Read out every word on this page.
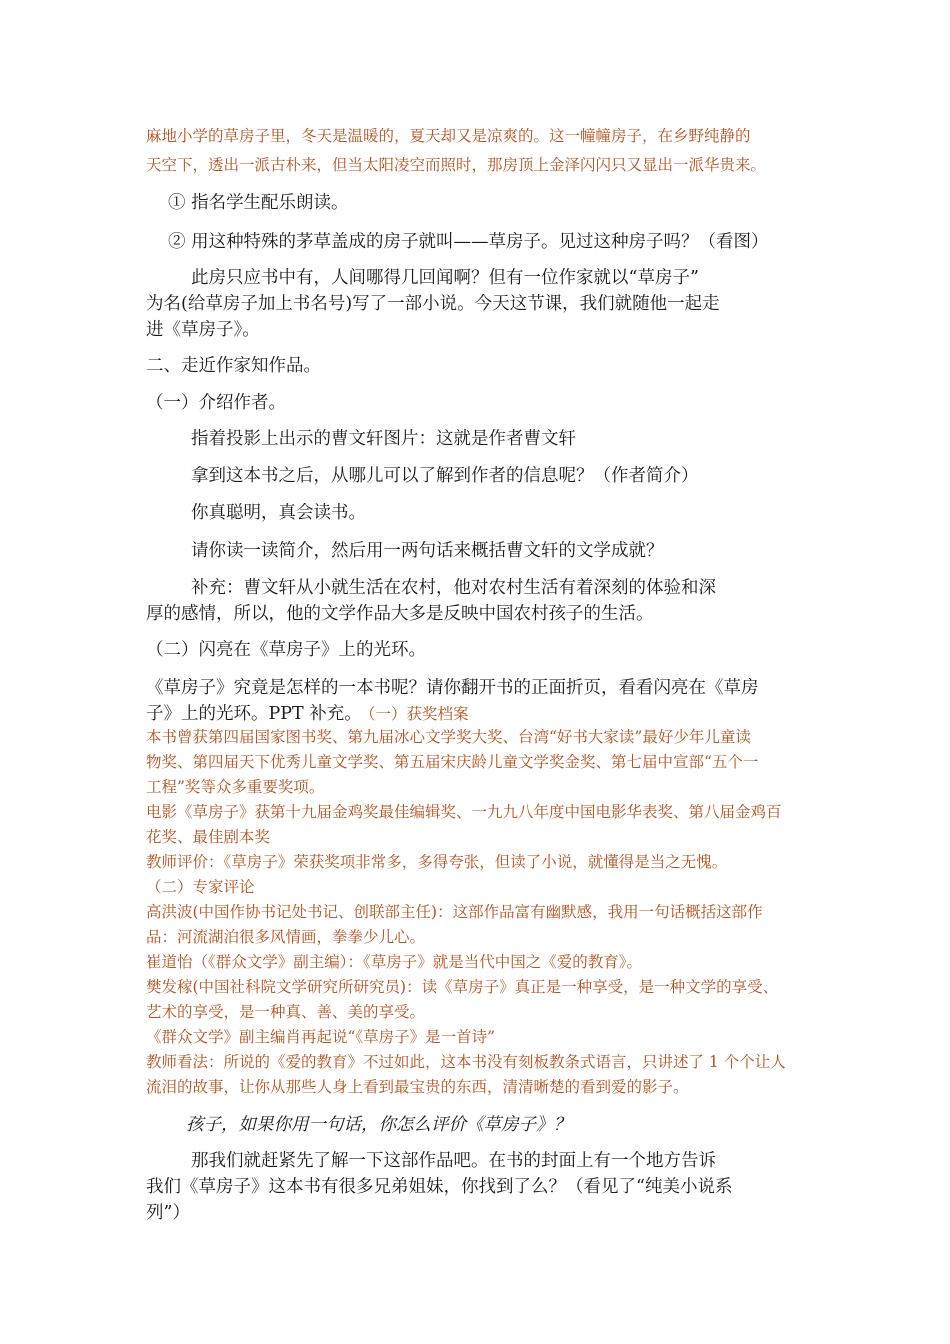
麻地小学的草房子里，冬天是温暖的，夏天却又是凉爽的。这一幢幢房子，在乡野纯静的
天空下，透出一派古朴来，但当太阳凌空而照时，那房顶上金泽闪闪只又显出一派华贵来。
① 指名学生配乐朗读。
② 用这种特殊的茅草盖成的房子就叫——草房子。见过这种房子吗？（看图）
此房只应书中有，人间哪得几回闻啊？但有一位作家就以“草房子”
为名(给草房子加上书名号)写了一部小说。今天这节课，我们就随他一起走
进《草房子》。
二、走近作家知作品。
（一）介绍作者。
指着投影上出示的曹文轩图片：这就是作者曹文轩
拿到这本书之后，从哪儿可以了解到作者的信息呢？（作者简介）
你真聪明，真会读书。
请你读一读简介，然后用一两句话来概括曹文轩的文学成就？
补充：曹文轩从小就生活在农村，他对农村生活有着深刻的体验和深
厚的感情，所以，他的文学作品大多是反映中国农村孩子的生活。
（二）闪亮在《草房子》上的光环。
《草房子》究竟是怎样的一本书呢？请你翻开书的正面折页，看看闪亮在《草房
子》上的光环。PPT 补充。 （一）获奖档案
本书曾获第四届国家图书奖、第九届冰心文学奖大奖、台湾“好书大家读”最好少年儿童读
物奖、第四届天下优秀儿童文学奖、第五届宋庆龄儿童文学奖金奖、第七届中宣部“五个一
工程”奖等众多重要奖项。
电影《草房子》获第十九届金鸡奖最佳编辑奖、一九九八年度中国电影华表奖、第八届金鸡百
花奖、最佳剧本奖
教师评价：《草房子》荣获奖项非常多，多得夸张，但读了小说，就懂得是当之无愧。
（二）专家评论
高洪波(中国作协书记处书记、创联部主任)：这部作品富有幽默感，我用一句话概括这部作
品：河流湖泊很多风情画，拳拳少儿心。
崔道怡（《群众文学》副主编）：《草房子》就是当代中国之《爱的教育》。
樊发稼(中国社科院文学研究所研究员)：读《草房子》真正是一种享受，是一种文学的享受、
艺术的享受，是一种真、善、美的享受。
《群众文学》副主编肖再起说“《草房子》是一首诗”
教师看法：所说的《爱的教育》不过如此，这本书没有刻板教条式语言，只讲述了 1 个个让人
流泪的故事，让你从那些人身上看到最宝贵的东西，清清晰楚的看到爱的影子。
孩子，如果你用一句话，你怎么评价《草房子》？
那我们就赶紧先了解一下这部作品吧。在书的封面上有一个地方告诉
我们《草房子》这本书有很多兄弟姐妹，你找到了么？（看见了“纯美小说系
列”）
